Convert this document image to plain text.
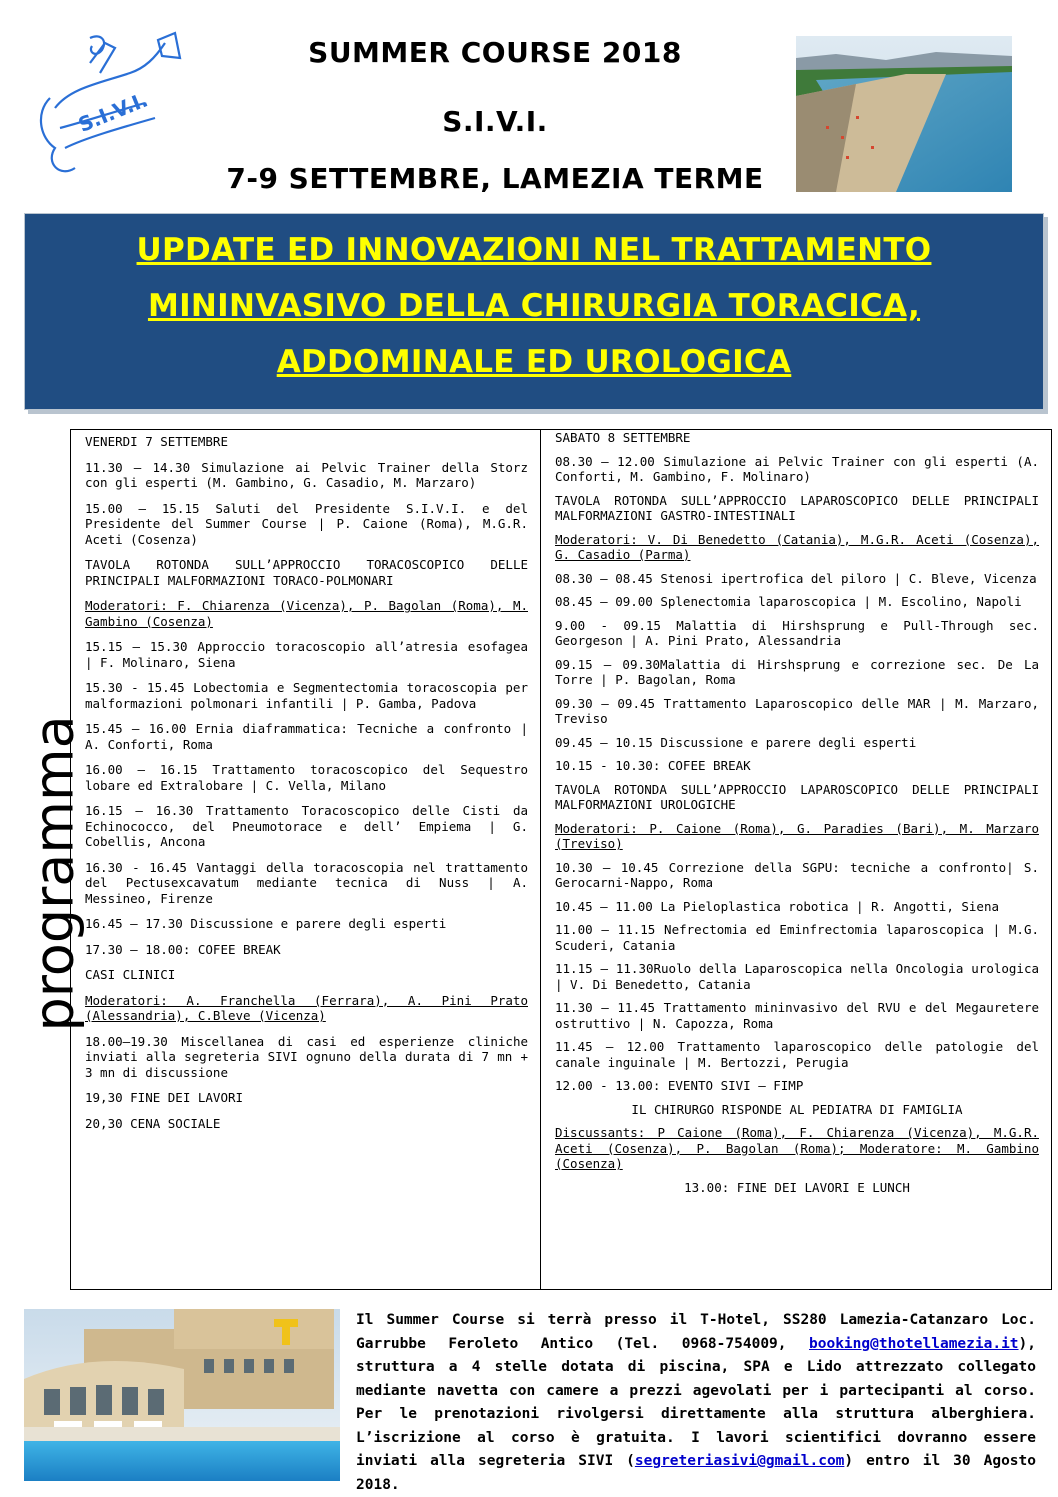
S.I.V.I.
SUMMER COURSE 2018
S.I.V.I.
7-9 SETTEMBRE, LAMEZIA TERME
UPDATE ED INNOVAZIONI NEL TRATTAMENTO
MININVASIVO DELLA CHIRURGIA TORACICA,
ADDOMINALE ED UROLOGICA
programma

VENERDI 7 SETTEMBRE

11.30 – 14.30 Simulazione ai Pelvic Trainer della Storz con gli esperti (M. Gambino, G. Casadio, M. Marzaro)

15.00 – 15.15 Saluti del Presidente S.I.V.I. e del Presidente del Summer Course | P. Caione (Roma), M.G.R. Aceti (Cosenza)

TAVOLA ROTONDA SULL’APPROCCIO TORACOSCOPICO DELLE PRINCIPALI MALFORMAZIONI TORACO-POLMONARI

Moderatori: F. Chiarenza (Vicenza), P. Bagolan (Roma), M. Gambino (Cosenza)

15.15 – 15.30 Approccio toracoscopio all’atresia esofagea | F. Molinaro, Siena

15.30 - 15.45 Lobectomia e Segmentectomia toracoscopia per malformazioni polmonari infantili | P. Gamba, Padova

15.45 – 16.00 Ernia diaframmatica: Tecniche a confronto | A. Conforti, Roma

16.00 – 16.15 Trattamento toracoscopico del Sequestro lobare ed Extralobare | C. Vella, Milano

16.15 – 16.30 Trattamento Toracoscopico delle Cisti da Echinococco, del Pneumotorace e dell’ Empiema | G. Cobellis, Ancona

16.30 - 16.45 Vantaggi della toracoscopia nel trattamento del Pectusexcavatum mediante tecnica di Nuss | A. Messineo, Firenze

16.45 – 17.30 Discussione e parere degli esperti

17.30 – 18.00: COFEE BREAK

CASI CLINICI

Moderatori: A. Franchella (Ferrara), A. Pini Prato (Alessandria), C.Bleve (Vicenza)

18.00–19.30 Miscellanea di casi ed esperienze cliniche inviati alla segreteria SIVI ognuno della durata di 7 mn + 3 mn di discussione

19,30 FINE DEI LAVORI

20,30 CENA SOCIALE

SABATO 8 SETTEMBRE

08.30 – 12.00 Simulazione ai Pelvic Trainer con gli esperti (A. Conforti, M. Gambino, F. Molinaro)

TAVOLA ROTONDA SULL’APPROCCIO LAPAROSCOPICO DELLE PRINCIPALI MALFORMAZIONI GASTRO-INTESTINALI

Moderatori: V. Di Benedetto (Catania), M.G.R. Aceti (Cosenza), G. Casadio (Parma)

08.30 – 08.45 Stenosi ipertrofica del piloro | C. Bleve, Vicenza

08.45 – 09.00 Splenectomia laparoscopica | M. Escolino, Napoli

9.00 - 09.15 Malattia di Hirshsprung e Pull-Through sec. Georgeson | A. Pini Prato, Alessandria

09.15 – 09.30Malattia di Hirshsprung e correzione sec. De La Torre | P. Bagolan, Roma

09.30 – 09.45 Trattamento Laparoscopico delle MAR | M. Marzaro, Treviso

09.45 – 10.15 Discussione e parere degli esperti

10.15 - 10.30: COFEE BREAK

TAVOLA ROTONDA SULL’APPROCCIO LAPAROSCOPICO DELLE PRINCIPALI MALFORMAZIONI UROLOGICHE

Moderatori: P. Caione (Roma), G. Paradies (Bari), M. Marzaro (Treviso)

10.30 – 10.45 Correzione della SGPU: tecniche a confronto| S. Gerocarni-Nappo, Roma

10.45 – 11.00 La Pieloplastica robotica | R. Angotti, Siena

11.00 – 11.15 Nefrectomia ed Eminfrectomia laparoscopica | M.G. Scuderi, Catania

11.15 – 11.30Ruolo della Laparoscopica nella Oncologia urologica | V. Di Benedetto, Catania

11.30 – 11.45 Trattamento mininvasivo del RVU e del Megauretere ostruttivo | N. Capozza, Roma

11.45 – 12.00 Trattamento laparoscopico delle patologie del canale inguinale | M. Bertozzi, Perugia

12.00 - 13.00: EVENTO SIVI – FIMP

IL CHIRURGO RISPONDE AL PEDIATRA DI FAMIGLIA

Discussants: P Caione (Roma), F. Chiarenza (Vicenza), M.G.R. Aceti (Cosenza), P. Bagolan (Roma); Moderatore: M. Gambino (Cosenza)

13.00: FINE DEI LAVORI E LUNCH

Il Summer Course si terrà presso il T-Hotel, SS280 Lamezia-Catanzaro Loc. Garrubbe Feroleto Antico (Tel. 0968-754009, booking@thotellamezia.it), struttura a 4 stelle dotata di piscina, SPA e Lido attrezzato collegato mediante navetta con camere a prezzi agevolati per i partecipanti al corso. Per le prenotazioni rivolgersi direttamente alla struttura alberghiera. L’iscrizione al corso è gratuita. I lavori scientifici dovranno essere inviati alla segreteria SIVI (segreteriasivi@gmail.com) entro il 30 Agosto 2018.
